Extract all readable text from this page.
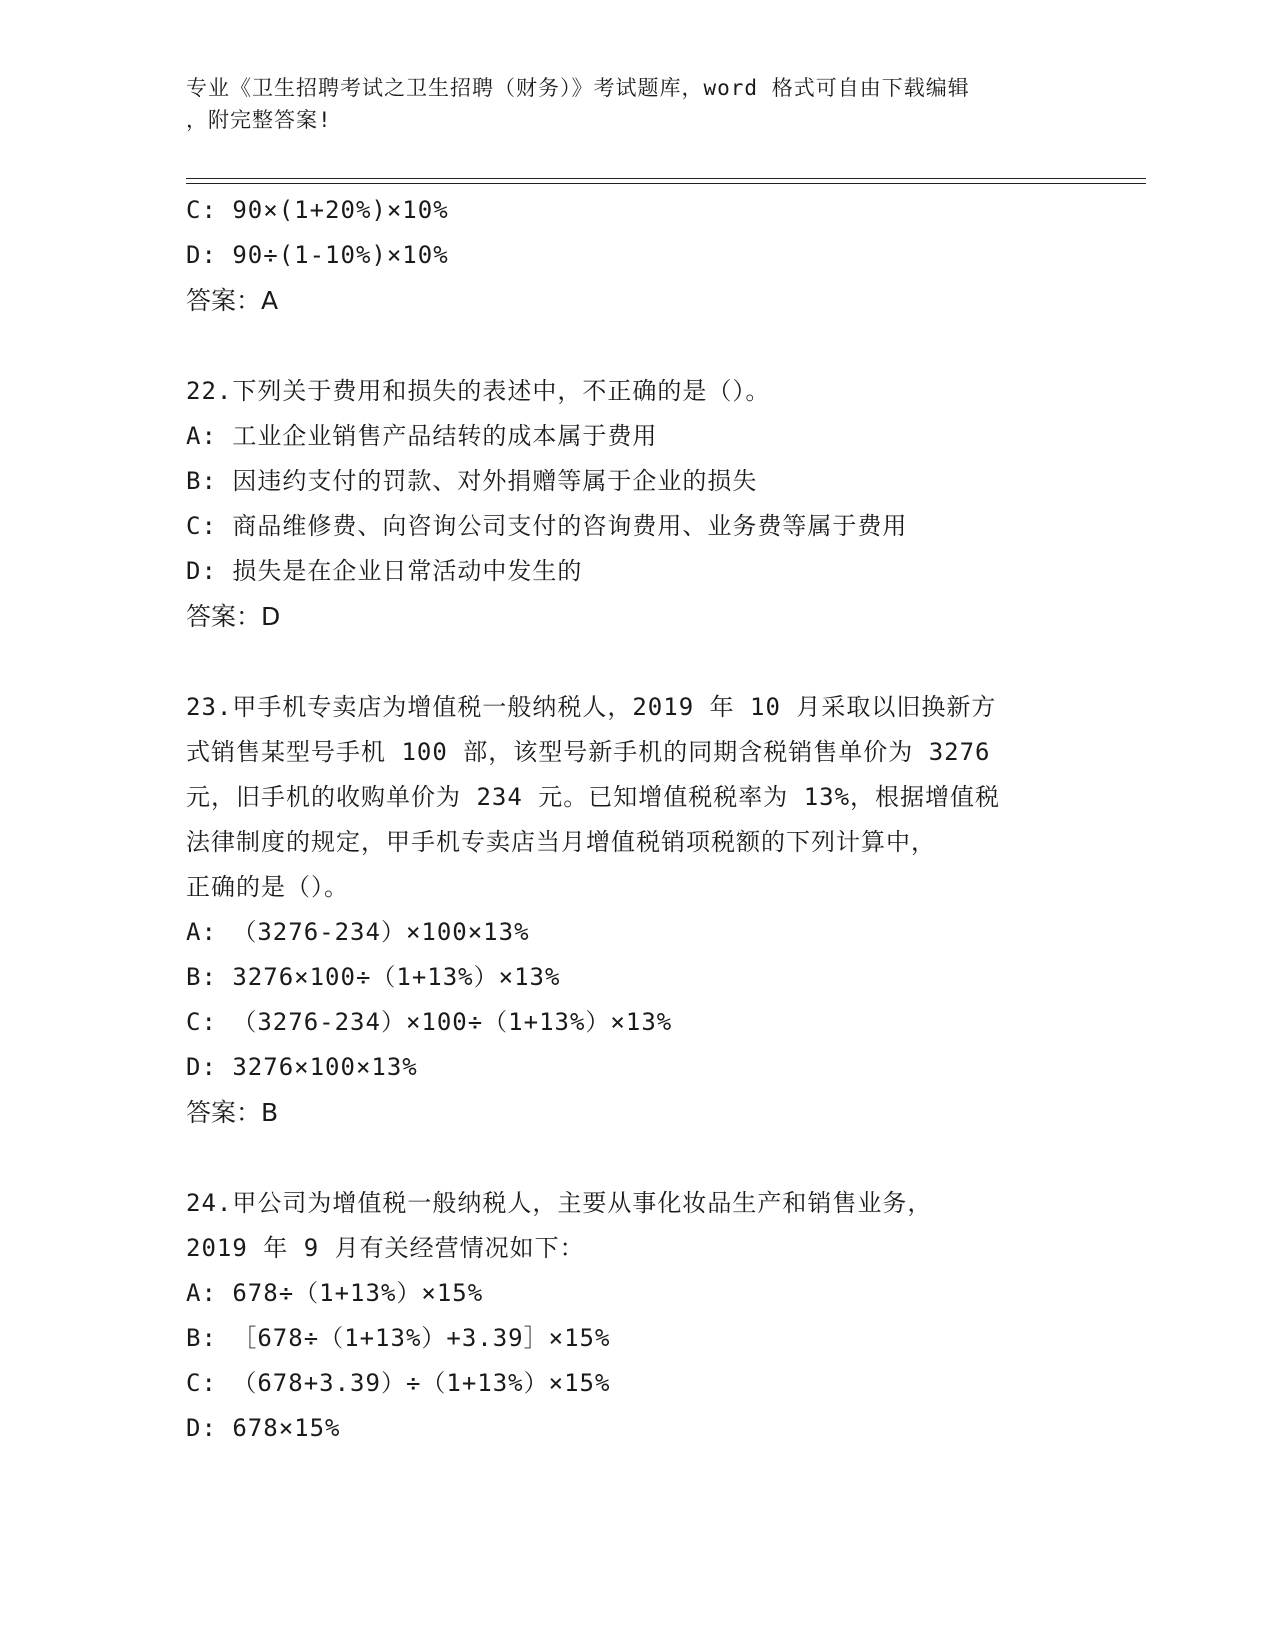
专业《卫生招聘考试之卫生招聘（财务）》考试题库，word 格式可自由下载编辑
，附完整答案!
C: 90×(1+20%)×10%
D: 90÷(1-10%)×10%
答案：A
22.下列关于费用和损失的表述中，不正确的是（）。
A: 工业企业销售产品结转的成本属于费用
B: 因违约支付的罚款、对外捐赠等属于企业的损失
C: 商品维修费、向咨询公司支付的咨询费用、业务费等属于费用
D: 损失是在企业日常活动中发生的
答案：D
23.甲手机专卖店为增值税一般纳税人，2019 年 10 月采取以旧换新方
式销售某型号手机 100 部，该型号新手机的同期含税销售单价为 3276
元，旧手机的收购单价为 234 元。已知增值税税率为 13%，根据增值税
法律制度的规定，甲手机专卖店当月增值税销项税额的下列计算中，
正确的是（）。
A: （3276-234）×100×13%
B: 3276×100÷（1+13%）×13%
C: （3276-234）×100÷（1+13%）×13%
D: 3276×100×13%
答案：B
24.甲公司为增值税一般纳税人，主要从事化妆品生产和销售业务，
2019 年 9 月有关经营情况如下：
A: 678÷（1+13%）×15%
B: ［678÷（1+13%）+3.39］×15%
C: （678+3.39）÷（1+13%）×15%
D: 678×15%
